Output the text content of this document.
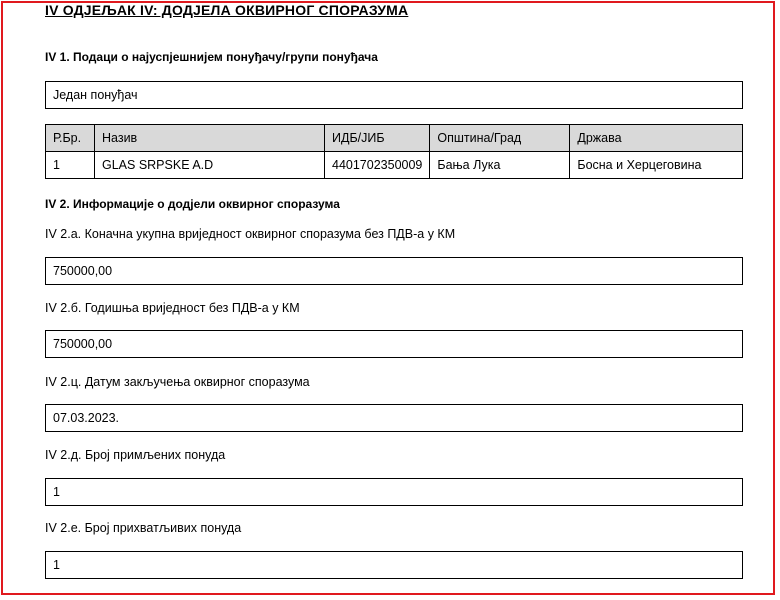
IV ОДЈЕЉАК IV: ДОДЈЕЛА ОКВИРНОГ СПОРАЗУМА
IV 1. Подаци о најуспјешнијем понуђачу/групи понуђача
Један понуђач
Р.Бр.	Назив	ИДБ/ЈИБ	Општина/Град	Држава
1	GLAS SRPSKE A.D	4401702350009	Бања Лука	Босна и Херцеговина
IV 2. Информације о додјели оквирног споразума
IV 2.а. Коначна укупна вриједност оквирног споразума без ПДВ-а у КМ
750000,00
IV 2.б. Годишња вриједност без ПДВ-а у КМ
750000,00
IV 2.ц. Датум закључења оквирног споразума
07.03.2023.
IV 2.д. Број примљених понуда
1
IV 2.е. Број прихватљивих понуда
1
